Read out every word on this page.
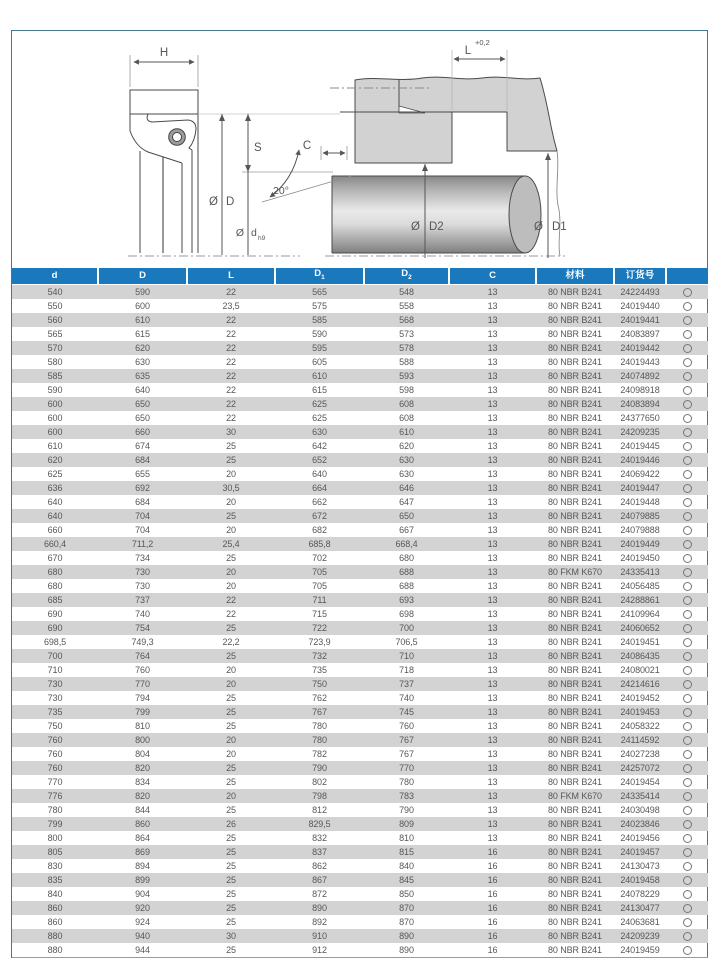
H
S	C
20°
L
+0,2
Ø D
Ø d h9
Ø D2	Ø D1
d	D	L	$D_1$	$D_2$	C	材料	订货号	
540	590	22	565	548	13	80 NBR B241	24224493	
550	600	23,5	575	558	13	80 NBR B241	24019440	
560	610	22	585	568	13	80 NBR B241	24019441	
565	615	22	590	573	13	80 NBR B241	24083897	
570	620	22	595	578	13	80 NBR B241	24019442	
580	630	22	605	588	13	80 NBR B241	24019443	
585	635	22	610	593	13	80 NBR B241	24074892	
590	640	22	615	598	13	80 NBR B241	24098918	
600	650	22	625	608	13	80 NBR B241	24083894	
600	650	22	625	608	13	80 NBR B241	24377650	
600	660	30	630	610	13	80 NBR B241	24209235	
610	674	25	642	620	13	80 NBR B241	24019445	
620	684	25	652	630	13	80 NBR B241	24019446	
625	655	20	640	630	13	80 NBR B241	24069422	
636	692	30,5	664	646	13	80 NBR B241	24019447	
640	684	20	662	647	13	80 NBR B241	24019448	
640	704	25	672	650	13	80 NBR B241	24079885	
660	704	20	682	667	13	80 NBR B241	24079888	
660,4	711,2	25,4	685,8	668,4	13	80 NBR B241	24019449	
670	734	25	702	680	13	80 NBR B241	24019450	
680	730	20	705	688	13	80 FKM K670	24335413	
680	730	20	705	688	13	80 NBR B241	24056485	
685	737	22	711	693	13	80 NBR B241	24288861	
690	740	22	715	698	13	80 NBR B241	24109964	
690	754	25	722	700	13	80 NBR B241	24060652	
698,5	749,3	22,2	723,9	706,5	13	80 NBR B241	24019451	
700	764	25	732	710	13	80 NBR B241	24086435	
710	760	20	735	718	13	80 NBR B241	24080021	
730	770	20	750	737	13	80 NBR B241	24214616	
730	794	25	762	740	13	80 NBR B241	24019452	
735	799	25	767	745	13	80 NBR B241	24019453	
750	810	25	780	760	13	80 NBR B241	24058322	
760	800	20	780	767	13	80 NBR B241	24114592	
760	804	20	782	767	13	80 NBR B241	24027238	
760	820	25	790	770	13	80 NBR B241	24257072	
770	834	25	802	780	13	80 NBR B241	24019454	
776	820	20	798	783	13	80 FKM K670	24335414	
780	844	25	812	790	13	80 NBR B241	24030498	
799	860	26	829,5	809	13	80 NBR B241	24023846	
800	864	25	832	810	13	80 NBR B241	24019456	
805	869	25	837	815	16	80 NBR B241	24019457	
830	894	25	862	840	16	80 NBR B241	24130473	
835	899	25	867	845	16	80 NBR B241	24019458	
840	904	25	872	850	16	80 NBR B241	24078229	
860	920	25	890	870	16	80 NBR B241	24130477	
860	924	25	892	870	16	80 NBR B241	24063681	
880	940	30	910	890	16	80 NBR B241	24209239	
880	944	25	912	890	16	80 NBR B241	24019459	
